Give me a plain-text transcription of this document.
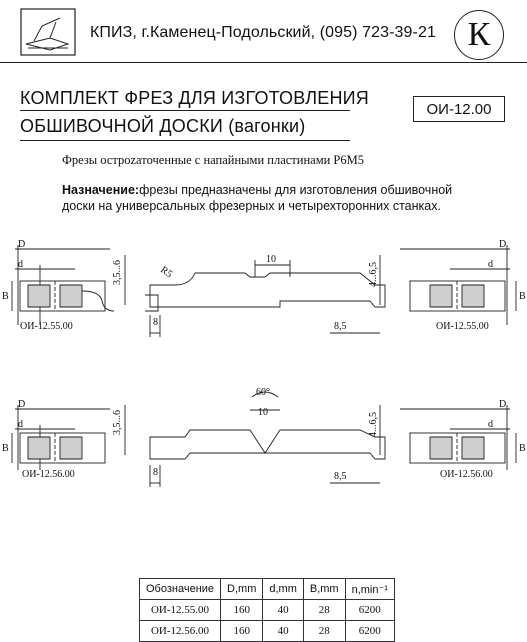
КПИЗ, г.Каменец-Подольский, (095) 723-39-21 К
КОМПЛЕКТ ФРЕЗ ДЛЯ ИЗГОТОВЛЕНИЯ
ОБШИВОЧНОЙ ДОСКИ (вагонки)
ОИ-12.00
Фрезы остроzаточенные с напайными пластинами Р6М5
Назначение:фрезы предназначены для изготовления обшивочной доски на универсальных фрезерных и четырехторонних станках.
D
d
B
ОИ-12.55.00
3,5...6	R5
10
8	8,5
4...6,5
D
d
B
ОИ-12.55.00
D
d
B
ОИ-12.56.00
3,5...6
60°
10
8	8,5
4...6,5
D
d
B
ОИ-12.56.00
Обозначение	D,mm	d,mm	B,mm	n,min⁻¹
ОИ-12.55.00	160	40	28	6200
ОИ-12.56.00	160	40	28	6200
